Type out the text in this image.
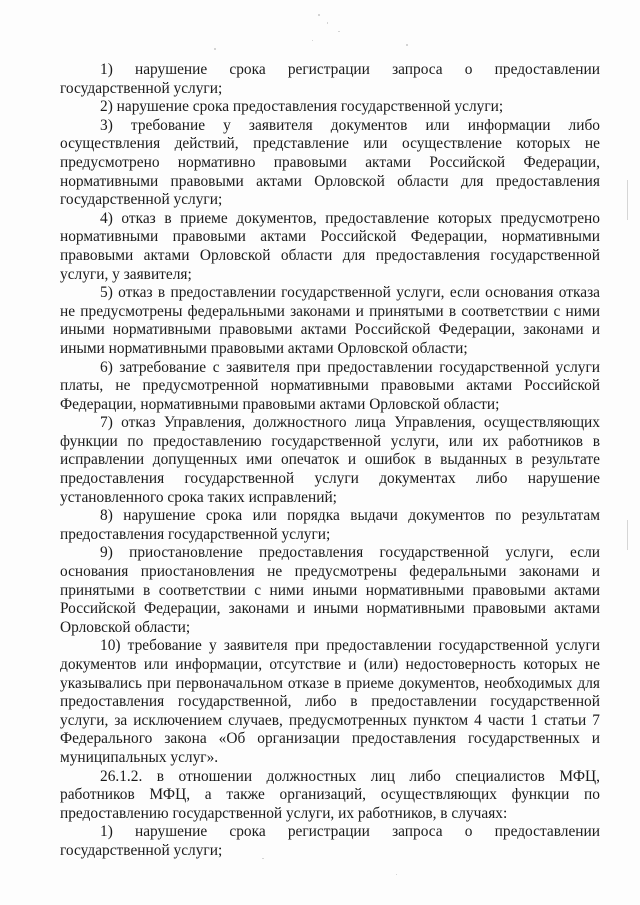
1) нарушение срока регистрации запроса о предоставлении государственной услуги;

2) нарушение срока предоставления государственной услуги;

3) требование у заявителя документов или информации либо осуществления действий, представление или осуществление которых не предусмотрено нормативно правовыми актами Российской Федерации, нормативными правовыми актами Орловской области для предоставления государственной услуги;

4) отказ в приеме документов, предоставление которых предусмотрено нормативными правовыми актами Российской Федерации, нормативными правовыми актами Орловской области для предоставления государственной услуги, у заявителя;

5) отказ в предоставлении государственной услуги, если основания отказа не предусмотрены федеральными законами и принятыми в соответствии с ними иными нормативными правовыми актами Российской Федерации, законами и иными нормативными правовыми актами Орловской области;

6) затребование с заявителя при предоставлении государственной услуги платы, не предусмотренной нормативными правовыми актами Российской Федерации, нормативными правовыми актами Орловской области;

7) отказ Управления, должностного лица Управления, осуществляющих функции по предоставлению государственной услуги, или их работников в исправлении допущенных ими опечаток и ошибок в выданных в результате предоставления государственной услуги документах либо нарушение установленного срока таких исправлений;

8) нарушение срока или порядка выдачи документов по результатам предоставления государственной услуги;

9) приостановление предоставления государственной услуги, если основания приостановления не предусмотрены федеральными законами и принятыми в соответствии с ними иными нормативными правовыми актами Российской Федерации, законами и иными нормативными правовыми актами Орловской области;

10) требование у заявителя при предоставлении государственной услуги документов или информации, отсутствие и (или) недостоверность которых не указывались при первоначальном отказе в приеме документов, необходимых для предоставления государственной, либо в предоставлении государственной услуги, за исключением случаев, предусмотренных пунктом 4 части 1 статьи 7 Федерального закона «Об организации предоставления государственных и муниципальных услуг».

26.1.2. в отношении должностных лиц либо специалистов МФЦ, работников МФЦ, а также организаций, осуществляющих функции по предоставлению государственной услуги, их работников, в случаях:

1) нарушение срока регистрации запроса о предоставлении государственной услуги;
